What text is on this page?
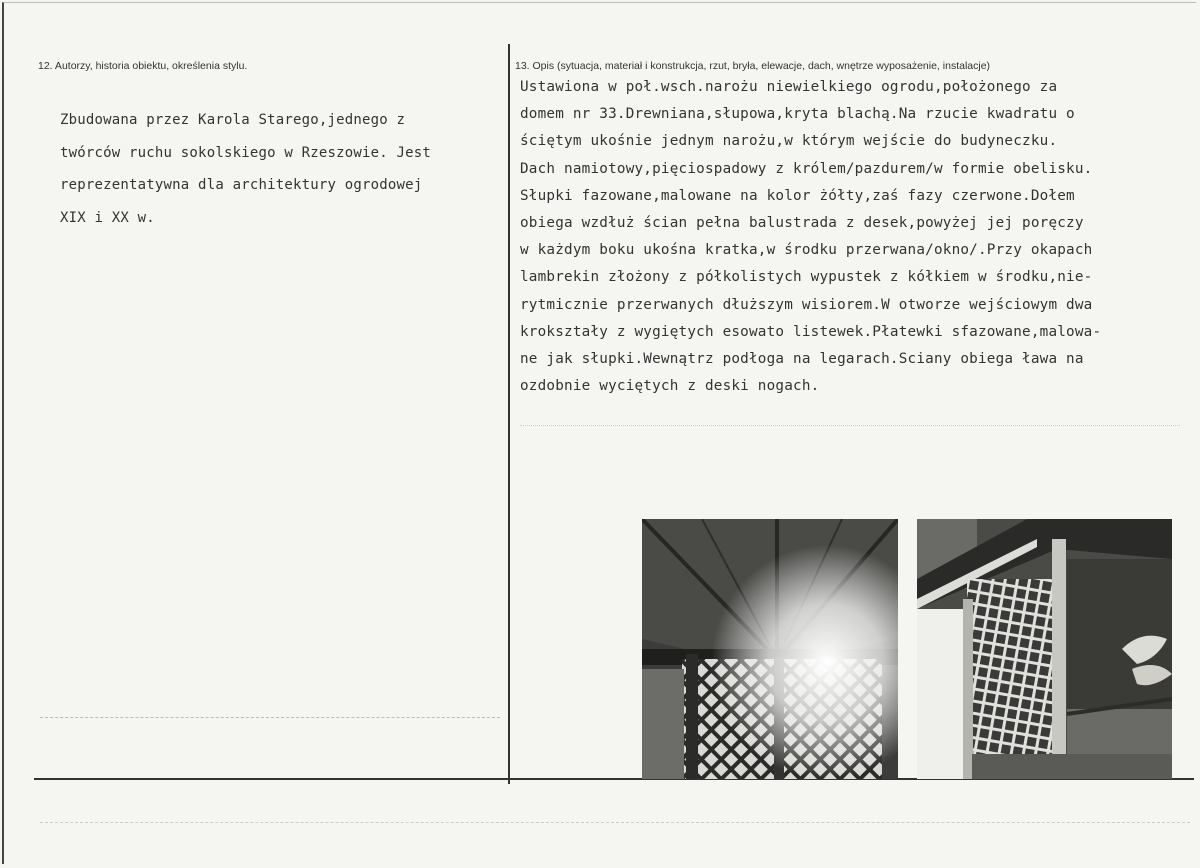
12. Autorzy, historia obiektu, określenia stylu.	13. Opis (sytuacja, materiał i konstrukcja, rzut, bryła, elewacje, dach, wnętrze wyposażenie, instalacje)
Zbudowana przez Karola Starego,jednego z
twórców ruchu sokolskiego w Rzeszowie. Jest
reprezentatywna dla architektury ogrodowej
XIX i XX w.
Ustawiona w poł.wsch.narożu niewielkiego ogrodu,położonego za
domem nr 33.Drewniana,słupowa,kryta blachą.Na rzucie kwadratu o
ściętym ukośnie jednym narożu,w którym wejście do budyneczku.
Dach namiotowy,pięciospadowy z królem/pazdurem/w formie obelisku.
Słupki fazowane,malowane na kolor żółty,zaś fazy czerwone.Dołem
obiega wzdłuż ścian pełna balustrada z desek,powyżej jej poręczy
w każdym boku ukośna kratka,w środku przerwana/okno/.Przy okapach
lambrekin złożony z półkolistych wypustek z kółkiem w środku,nie-
rytmicznie przerwanych dłuższym wisiorem.W otworze wejściowym dwa
krokształy z wygiętych esowato listewek.Płatewki sfazowane,malowa-
ne jak słupki.Wewnątrz podłoga na legarach.Sciany obiega ława na
ozdobnie wyciętych z deski nogach.
